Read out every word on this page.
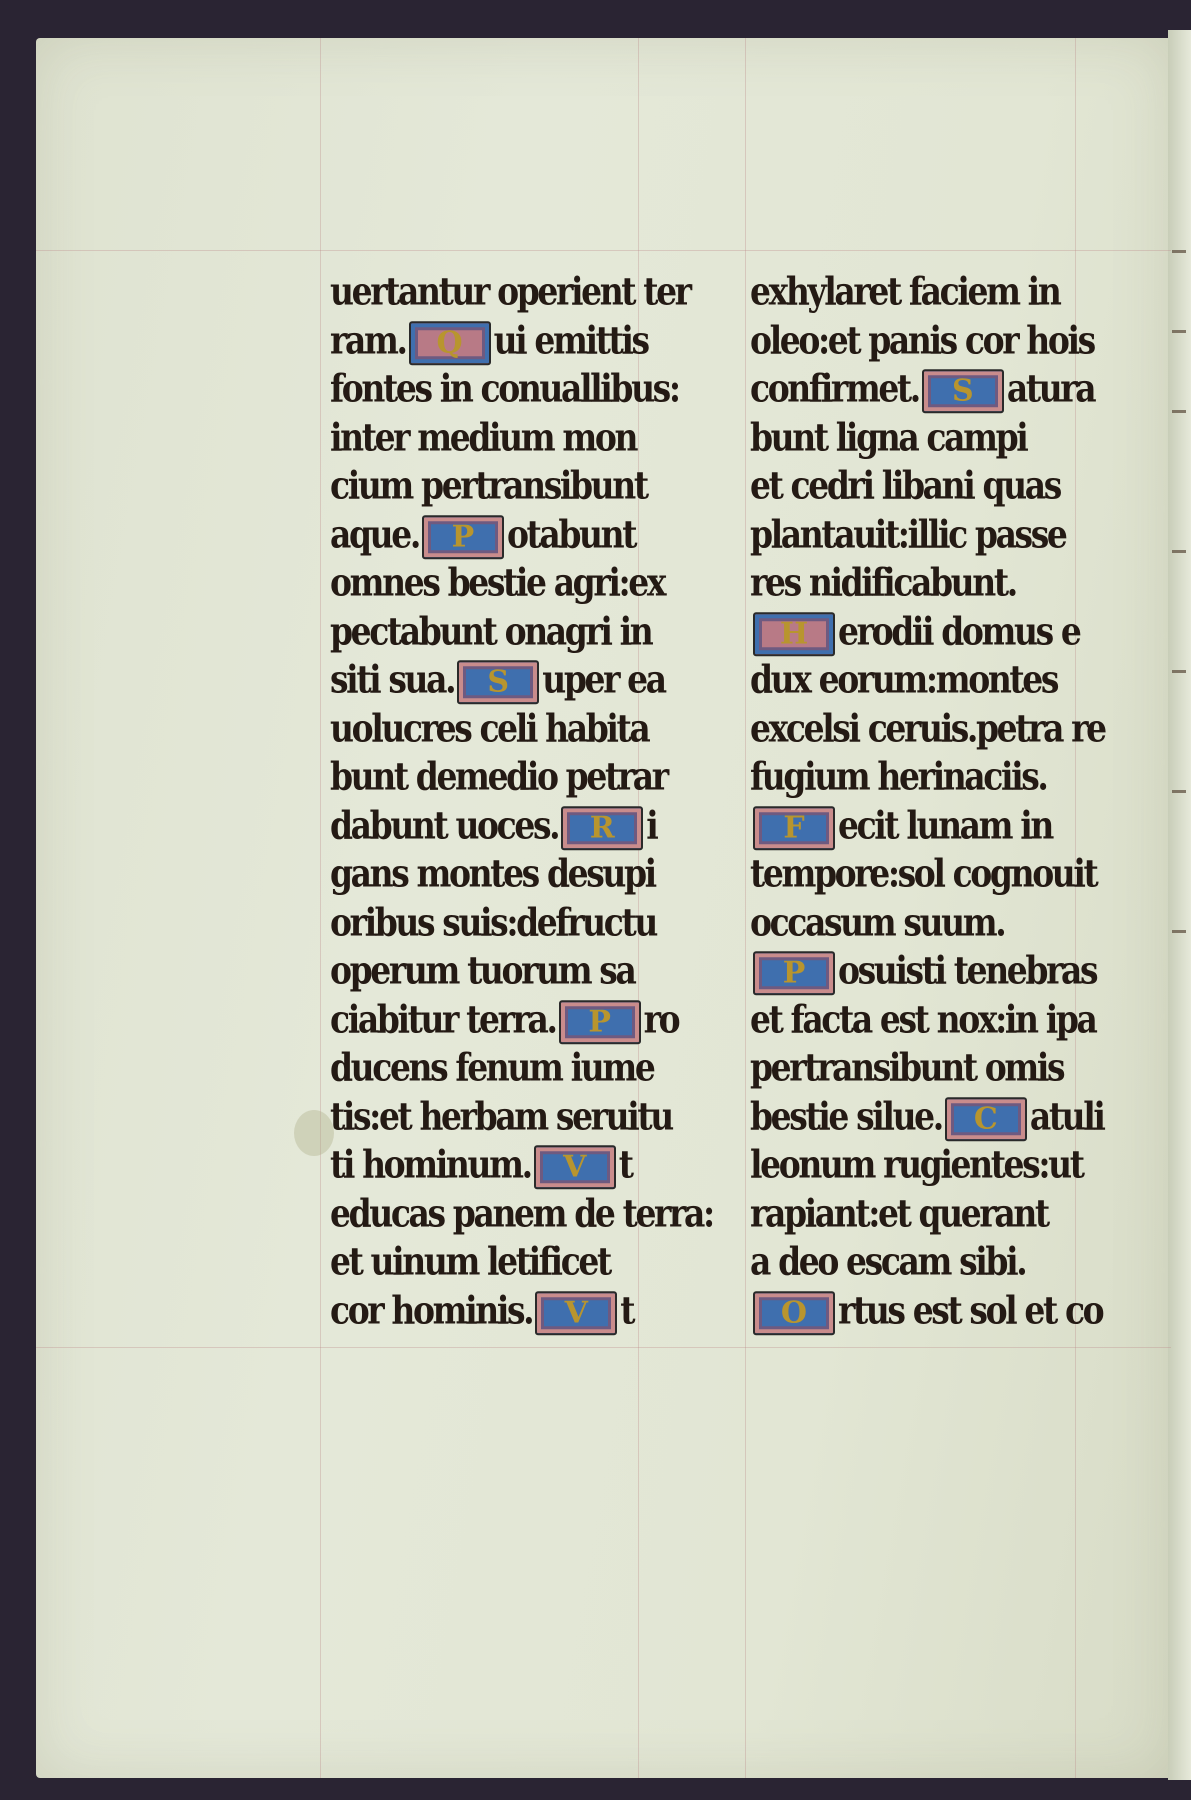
uertantur operient ter
ram. Q ui emittis
fontes in conuallibus:
inter medium mon
cium pertransibunt
aque. P otabunt
omnes bestie agri:ex
pectabunt onagri in
siti sua. S uper ea
uolucres celi habita
bunt demedio petrar
dabunt uoces. R i
gans montes desupi
oribus suis:defructu
operum tuorum sa
ciabitur terra. P ro
ducens fenum iume
tis:et herbam seruitu
ti hominum. V t
educas panem de terra:
et uinum letificet
cor hominis. V t
exhylaret faciem in
oleo:et panis cor hois
confirmet. S atura
bunt ligna campi
et cedri libani quas
plantauit:illic passe
res nidificabunt.
H erodii domus e
dux eorum:montes
excelsi ceruis.petra re
fugium herinaciis.
F ecit lunam in
tempore:sol cognouit
occasum suum.
P osuisti tenebras
et facta est nox:in ipa
pertransibunt omis
bestie silue. C atuli
leonum rugientes:ut
rapiant:et querant
a deo escam sibi.
O rtus est sol et co
